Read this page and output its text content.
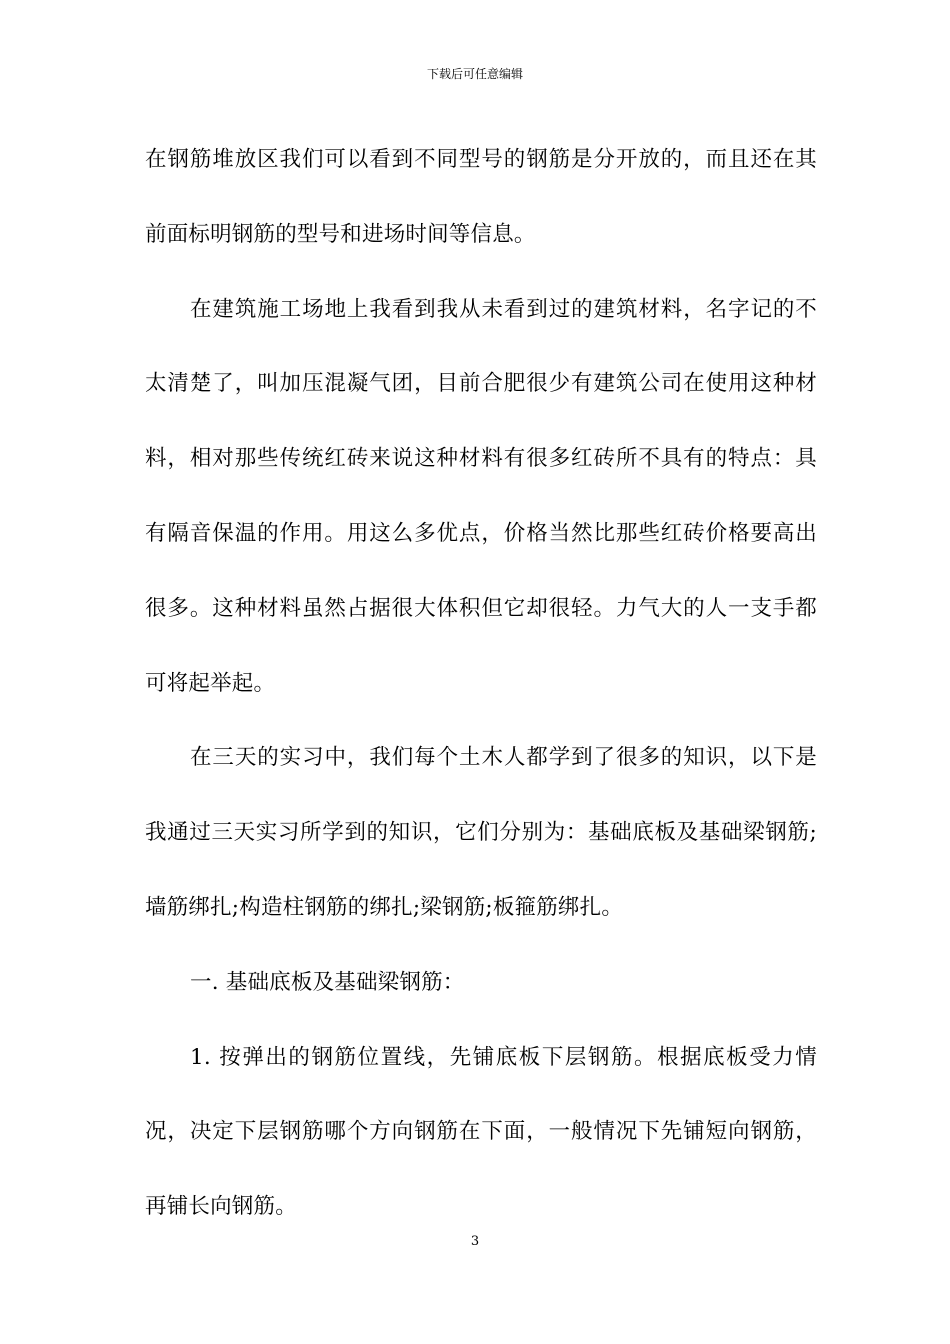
下载后可任意编辑

在钢筋堆放区我们可以看到不同型号的钢筋是分开放的，而且还在其前面标明钢筋的型号和进场时间等信息。

在建筑施工场地上我看到我从未看到过的建筑材料，名字记的不太清楚了，叫加压混凝气团，目前合肥很少有建筑公司在使用这种材料，相对那些传统红砖来说这种材料有很多红砖所不具有的特点：具有隔音保温的作用。用这么多优点，价格当然比那些红砖价格要高出很多。这种材料虽然占据很大体积但它却很轻。力气大的人一支手都可将起举起。

在三天的实习中，我们每个土木人都学到了很多的知识，以下是我通过三天实习所学到的知识，它们分别为：基础底板及基础梁钢筋;墙筋绑扎;构造柱钢筋的绑扎;梁钢筋;板箍筋绑扎。

一. 基础底板及基础梁钢筋：

1. 按弹出的钢筋位置线，先铺底板下层钢筋。根据底板受力情况，决定下层钢筋哪个方向钢筋在下面，一般情况下先铺短向钢筋，再铺长向钢筋。

3
